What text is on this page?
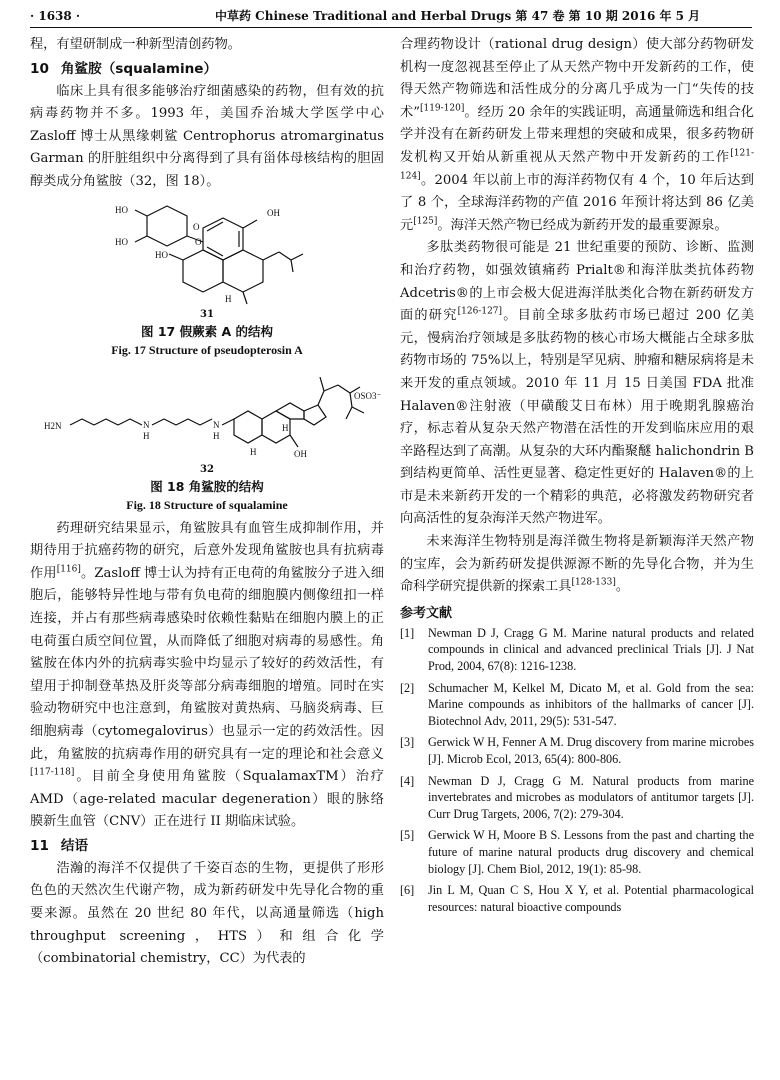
· 1638 ·	中草药 Chinese Traditional and Herbal Drugs 第 47 卷 第 10 期 2016 年 5 月

程，有望研制成一种新型清创药物。

10 角鲨胺（squalamine）

临床上具有很多能够治疗细菌感染的药物，但有效的抗病毒药物并不多。1993 年，美国乔治城大学医学中心 Zasloff 博士从黑缘刺鲨 Centrophorus atromarginatus Garman 的肝脏组织中分离得到了具有甾体母核结构的胆固醇类成分角鲨胺（32，图 18）。

HO
HO
O
O
HO
H
OH
31
图 17 假蕨素 A 的结构
Fig. 17 Structure of pseudopterosin A
H2N	N
H
N
H
OH
OSO3⁻
H
H
32
图 18 角鲨胺的结构
Fig. 18 Structure of squalamine

药理研究结果显示，角鲨胺具有血管生成抑制作用，并期待用于抗癌药物的研究，后意外发现角鲨胺也具有抗病毒作用[116]。Zasloff 博士认为持有正电荷的角鲨胺分子进入细胞后，能够特异性地与带有负电荷的细胞膜内侧像纽扣一样连接，并占有那些病毒感染时依赖性黏贴在细胞内膜上的正电荷蛋白质空间位置，从而降低了细胞对病毒的易感性。角鲨胺在体内外的抗病毒实验中均显示了较好的药效活性，有望用于抑制登革热及肝炎等部分病毒细胞的增殖。同时在实验动物研究中也注意到，角鲨胺对黄热病、马脑炎病毒、巨细胞病毒（cytomegalovirus）也显示一定的药效活性。因此，角鲨胺的抗病毒作用的研究具有一定的理论和社会意义[117-118]。目前全身使用角鲨胺（SqualamaxTM）治疗 AMD（age-related macular degeneration）眼的脉络膜新生血管（CNV）正在进行 II 期临床试验。

11 结语

浩瀚的海洋不仅提供了千姿百态的生物，更提供了形形色色的天然次生代谢产物，成为新药研发中先导化合物的重要来源。虽然在 20 世纪 80 年代，以高通量筛选（high throughput screening，HTS）和组合化学（combinatorial chemistry，CC）为代表的

合理药物设计（rational drug design）使大部分药物研发机构一度忽视甚至停止了从天然产物中开发新药的工作，使得天然产物筛选和活性成分的分离几乎成为一门“失传的技术”[119-120]。经历 20 余年的实践证明，高通量筛选和组合化学并没有在新药研发上带来理想的突破和成果，很多药物研发机构又开始从新重视从天然产物中开发新药的工作[121-124]。2004 年以前上市的海洋药物仅有 4 个，10 年后达到了 8 个，全球海洋药物的产值 2016 年预计将达到 86 亿美元[125]。海洋天然产物已经成为新药开发的最重要源泉。

多肽类药物很可能是 21 世纪重要的预防、诊断、监测和治疗药物，如强效镇痛药 Prialt®和海洋肽类抗体药物 Adcetris®的上市会极大促进海洋肽类化合物在新药研发方面的研究[126-127]。目前全球多肽药市场已超过 200 亿美元，慢病治疗领域是多肽药物的核心市场大概能占全球多肽药物市场的 75%以上，特别是罕见病、肿瘤和糖尿病将是未来开发的重点领域。2010 年 11 月 15 日美国 FDA 批准 Halaven®注射液（甲磺酸艾日布林）用于晚期乳腺癌治疗，标志着从复杂天然产物潜在活性的开发到临床应用的艰辛路程达到了高潮。从复杂的大环内酯聚醚 halichondrin B 到结构更简单、活性更显著、稳定性更好的 Halaven®的上市是未来新药开发的一个精彩的典范，必将激发药物研究者向高活性的复杂海洋天然产物进军。

未来海洋生物特别是海洋微生物将是新颖海洋天然产物的宝库，会为新药研发提供源源不断的先导化合物，并为生命科学研究提供新的探索工具[128-133]。

参考文献

[1]	Newman D J, Cragg G M. Marine natural products and related compounds in clinical and advanced preclinical Trials [J]. J Nat Prod, 2004, 67(8): 1216-1238.
[2]	Schumacher M, Kelkel M, Dicato M, et al. Gold from the sea: Marine compounds as inhibitors of the hallmarks of cancer [J]. Biotechnol Adv, 2011, 29(5): 531-547.
[3]	Gerwick W H, Fenner A M. Drug discovery from marine microbes [J]. Microb Ecol, 2013, 65(4): 800-806.
[4]	Newman D J, Cragg G M. Natural products from marine invertebrates and microbes as modulators of antitumor targets [J]. Curr Drug Targets, 2006, 7(2): 279-304.
[5]	Gerwick W H, Moore B S. Lessons from the past and charting the future of marine natural products drug discovery and chemical biology [J]. Chem Biol, 2012, 19(1): 85-98.
[6]	Jin L M, Quan C S, Hou X Y, et al. Potential pharmacological resources: natural bioactive compounds
